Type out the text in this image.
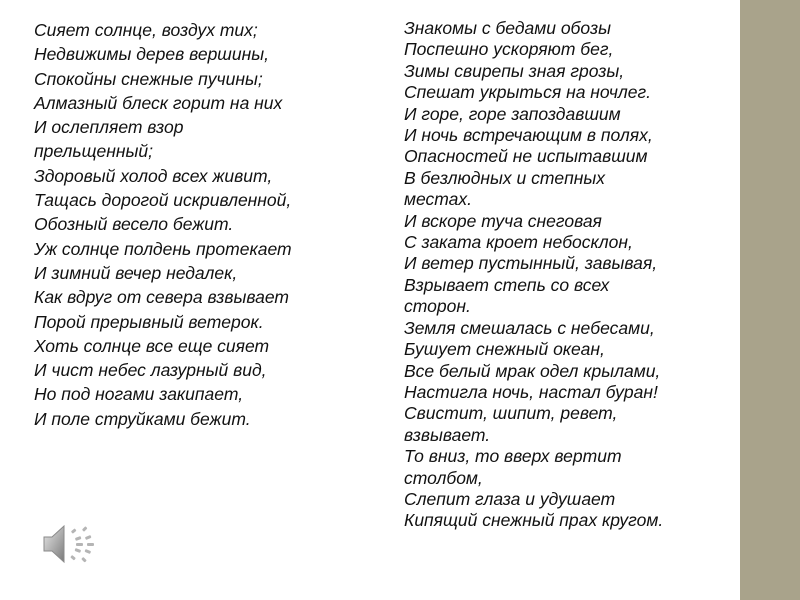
Сияет солнце, воздух тих;
Недвижимы дерев вершины,
Спокойны снежные пучины;
Алмазный блеск горит на них
И ослепляет взор
прельщенный;
Здоровый холод всех живит,
Тащась дорогой искривленной,
Обозный весело бежит.
Уж солнце полдень протекает
И зимний вечер недалек,
Как вдруг от севера взвывает
Порой прерывный ветерок.
Хоть солнце все еще сияет
И чист небес лазурный вид,
Но под ногами закипает,
И поле струйками бежит.
Знакомы с бедами обозы
Поспешно ускоряют бег,
Зимы свирепы зная грозы,
Спешат укрыться на ночлег.
И горе, горе запоздавшим
И ночь встречающим в полях,
Опасностей не испытавшим
В безлюдных и степных
местах.
И вскоре туча снеговая
С заката кроет небосклон,
И ветер пустынный, завывая,
Взрывает степь со всех
сторон.
Земля смешалась с небесами,
Бушует снежный океан,
Все белый мрак одел крылами,
Настигла ночь, настал буран!
Свистит, шипит, ревет,
взвывает.
То вниз, то вверх вертит
столбом,
Слепит глаза и удушает
Кипящий снежный прах кругом.
